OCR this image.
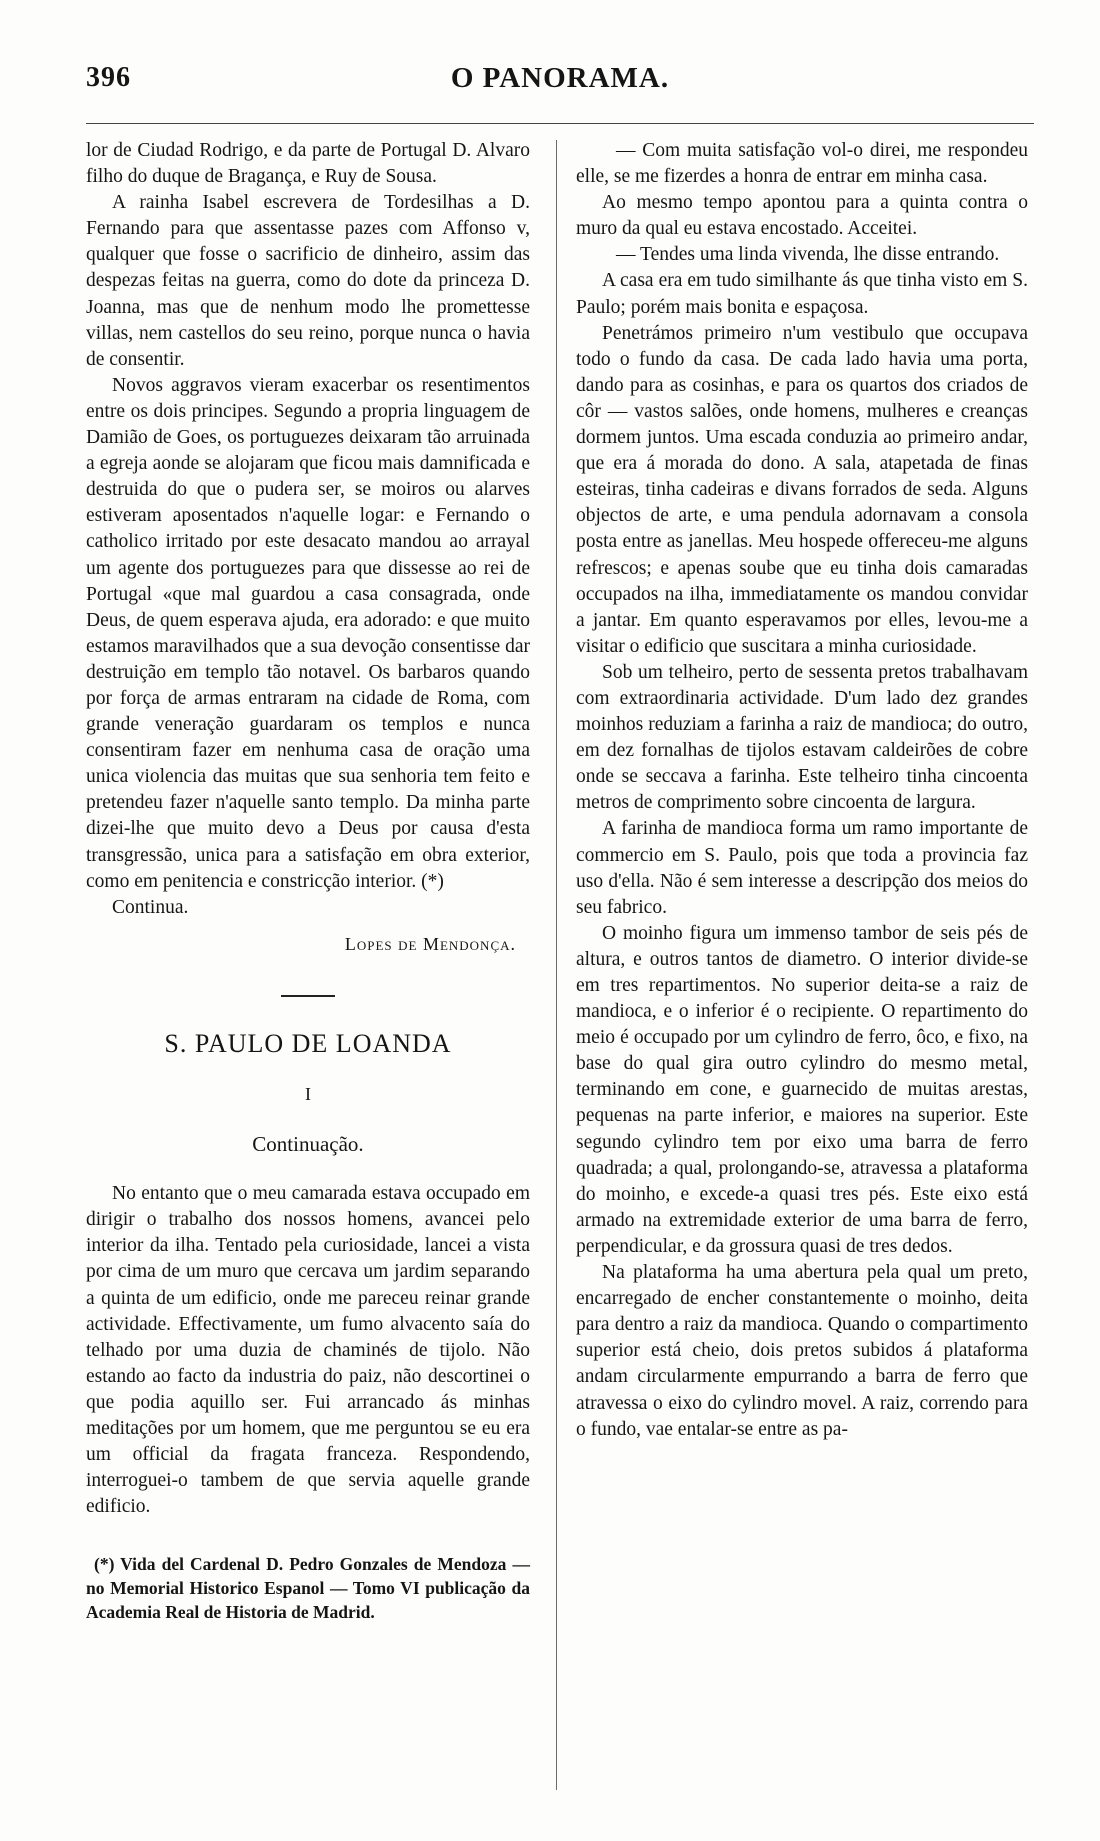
O PANORAMA.
396

lor de Ciudad Rodrigo, e da parte de Portugal D. Alvaro filho do duque de Bragança, e Ruy de Sousa.

A rainha Isabel escrevera de Tordesilhas a D. Fernando para que assentasse pazes com Affonso v, qualquer que fosse o sacrificio de dinheiro, assim das despezas feitas na guerra, como do dote da princeza D. Joanna, mas que de nenhum modo lhe promettesse villas, nem castellos do seu reino, porque nunca o havia de consentir.

Novos aggravos vieram exacerbar os resentimentos entre os dois principes. Segundo a propria linguagem de Damião de Goes, os portuguezes deixaram tão arruinada a egreja aonde se alojaram que ficou mais damnificada e destruida do que o pudera ser, se moiros ou alarves estiveram aposentados n'aquelle logar: e Fernando o catholico irritado por este desacato mandou ao arrayal um agente dos portuguezes para que dissesse ao rei de Portugal «que mal guardou a casa consagrada, onde Deus, de quem esperava ajuda, era adorado: e que muito estamos maravilhados que a sua devoção consentisse dar destruição em templo tão notavel. Os barbaros quando por força de armas entraram na cidade de Roma, com grande veneração guardaram os templos e nunca consentiram fazer em nenhuma casa de oração uma unica violencia das muitas que sua senhoria tem feito e pretendeu fazer n'aquelle santo templo. Da minha parte dizei-lhe que muito devo a Deus por causa d'esta transgressão, unica para a satisfação em obra exterior, como em penitencia e constricção interior. (*)

Continua.

Lopes de Mendonça.

S. PAULO DE LOANDA

I

Continuação.

No entanto que o meu camarada estava occupado em dirigir o trabalho dos nossos homens, avancei pelo interior da ilha. Tentado pela curiosidade, lancei a vista por cima de um muro que cercava um jardim separando a quinta de um edificio, onde me pareceu reinar grande actividade. Effectivamente, um fumo alvacento saía do telhado por uma duzia de chaminés de tijolo. Não estando ao facto da industria do paiz, não descortinei o que podia aquillo ser. Fui arrancado ás minhas meditações por um homem, que me perguntou se eu era um official da fragata franceza. Respondendo, interroguei-o tambem de que servia aquelle grande edificio.

(*) Vida del Cardenal D. Pedro Gonzales de Mendoza — no Memorial Historico Espanol — Tomo VI publicação da Academia Real de Historia de Madrid.

— Com muita satisfação vol-o direi, me respondeu elle, se me fizerdes a honra de entrar em minha casa.

Ao mesmo tempo apontou para a quinta contra o muro da qual eu estava encostado. Acceitei.

— Tendes uma linda vivenda, lhe disse entrando.

A casa era em tudo similhante ás que tinha visto em S. Paulo; porém mais bonita e espaçosa.

Penetrámos primeiro n'um vestibulo que occupava todo o fundo da casa. De cada lado havia uma porta, dando para as cosinhas, e para os quartos dos criados de côr — vastos salões, onde homens, mulheres e creanças dormem juntos. Uma escada conduzia ao primeiro andar, que era á morada do dono. A sala, atapetada de finas esteiras, tinha cadeiras e divans forrados de seda. Alguns objectos de arte, e uma pendula adornavam a consola posta entre as janellas. Meu hospede offereceu-me alguns refrescos; e apenas soube que eu tinha dois camaradas occupados na ilha, immediatamente os mandou convidar a jantar. Em quanto esperavamos por elles, levou-me a visitar o edificio que suscitara a minha curiosidade.

Sob um telheiro, perto de sessenta pretos trabalhavam com extraordinaria actividade. D'um lado dez grandes moinhos reduziam a farinha a raiz de mandioca; do outro, em dez fornalhas de tijolos estavam caldeirões de cobre onde se seccava a farinha. Este telheiro tinha cincoenta metros de comprimento sobre cincoenta de largura.

A farinha de mandioca forma um ramo importante de commercio em S. Paulo, pois que toda a provincia faz uso d'ella. Não é sem interesse a descripção dos meios do seu fabrico.

O moinho figura um immenso tambor de seis pés de altura, e outros tantos de diametro. O interior divide-se em tres repartimentos. No superior deita-se a raiz de mandioca, e o inferior é o recipiente. O repartimento do meio é occupado por um cylindro de ferro, ôco, e fixo, na base do qual gira outro cylindro do mesmo metal, terminando em cone, e guarnecido de muitas arestas, pequenas na parte inferior, e maiores na superior. Este segundo cylindro tem por eixo uma barra de ferro quadrada; a qual, prolongando-se, atravessa a plataforma do moinho, e excede-a quasi tres pés. Este eixo está armado na extremidade exterior de uma barra de ferro, perpendicular, e da grossura quasi de tres dedos.

Na plataforma ha uma abertura pela qual um preto, encarregado de encher constantemente o moinho, deita para dentro a raiz da mandioca. Quando o compartimento superior está cheio, dois pretos subidos á plataforma andam circularmente empurrando a barra de ferro que atravessa o eixo do cylindro movel. A raiz, correndo para o fundo, vae entalar-se entre as pa-
